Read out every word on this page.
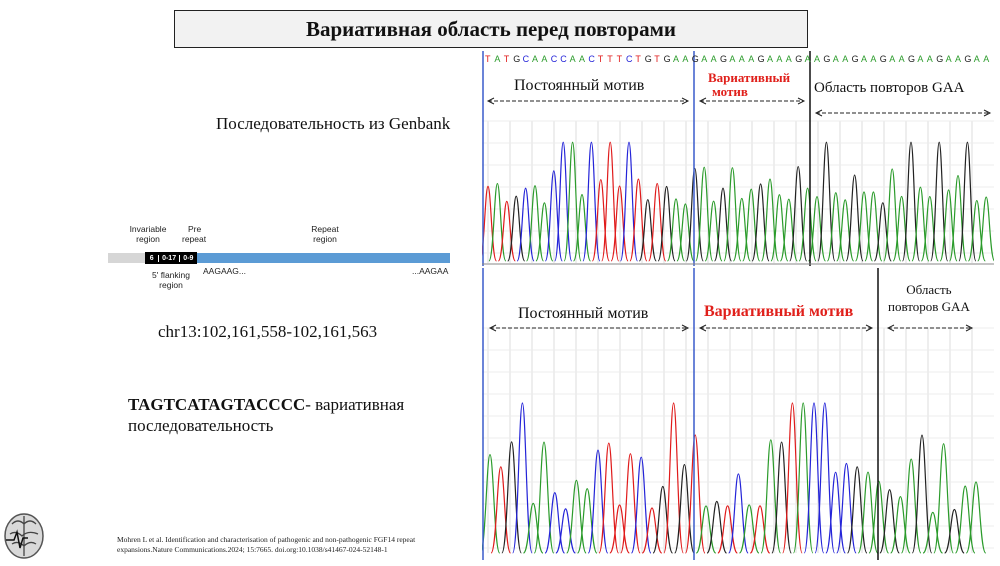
Вариативная область перед повторами
Последовательность из Genbank
Invariable
region
Pre
repeat
Repeat
region
6	0-17	0-9
5' flanking
region
AAGAAG...	...AAGAA
chr13:102,161,558-102,161,563
TAGTCATAGTACCCC- вариативная
последовательность
Mohren L et al. Identification and characterisation of pathogenic and non-pathogenic FGF14 repeat
expansions.Nature Communications.2024; 15:7665. doi.org:10.1038/s41467-024-52148-1
T A T G C A A C C A A C T T T C T G T G A A G A A G A A A G A A A G A A G A A G A A G A A G A A G A A G A A
Постоянный мотив	Вариативный
мотив	Область повторов GAA
Постоянный мотив	Вариативный мотив
Область
повторов GAA
